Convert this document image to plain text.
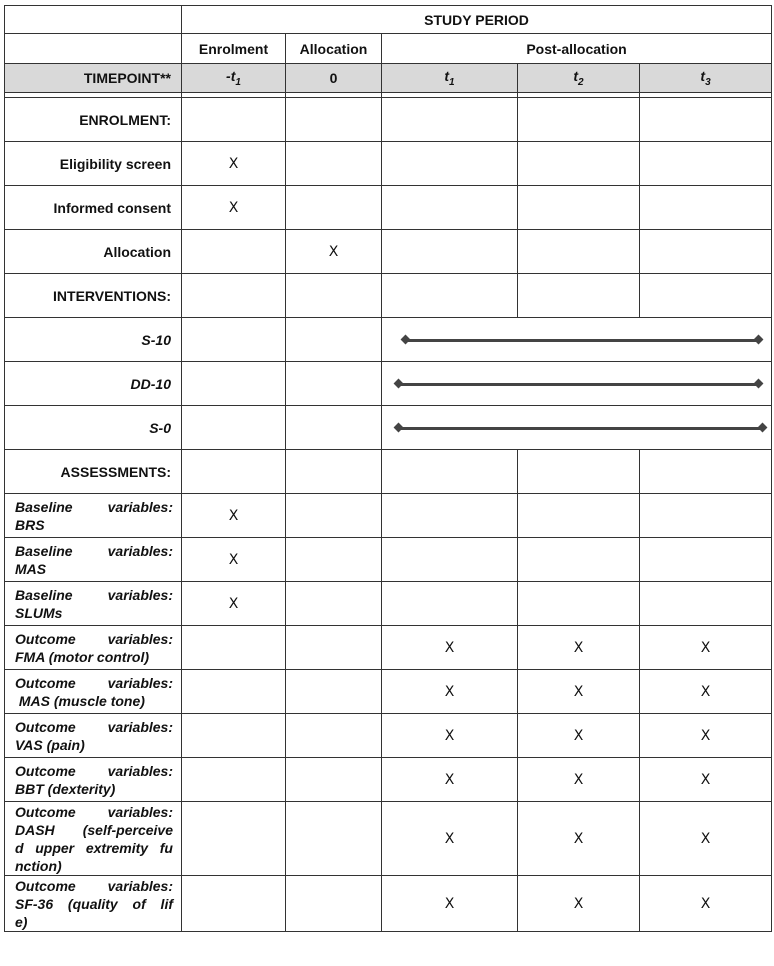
	STUDY PERIOD				
	Enrolment	Allocation	Post-allocation		
TIMEPOINT**	$-t_1$	0	$t_1$	$t_2$	$t_3$

ENROLMENT:					
Eligibility screen	X				
Informed consent	X				
Allocation		X			
INTERVENTIONS:					
S-10					

DD-10					

S-0					

ASSESSMENTS:					

Baseline variables:
BRS	X				

Baseline variables:
MAS	X				

Baseline variables:
SLUMs	X				

Outcome variables:
FMA (motor control)			X	X	X

Outcome variables:
MAS (muscle tone)			X	X	X

Outcome variables:
VAS (pain)			X	X	X

Outcome variables:
BBT (dexterity)			X	X	X

Outcome variables:
DASH (self-perceive
d upper extremity fu
nction)			X	X	X

Outcome variables:
SF-36 (quality of lif
e)			X	X	X
